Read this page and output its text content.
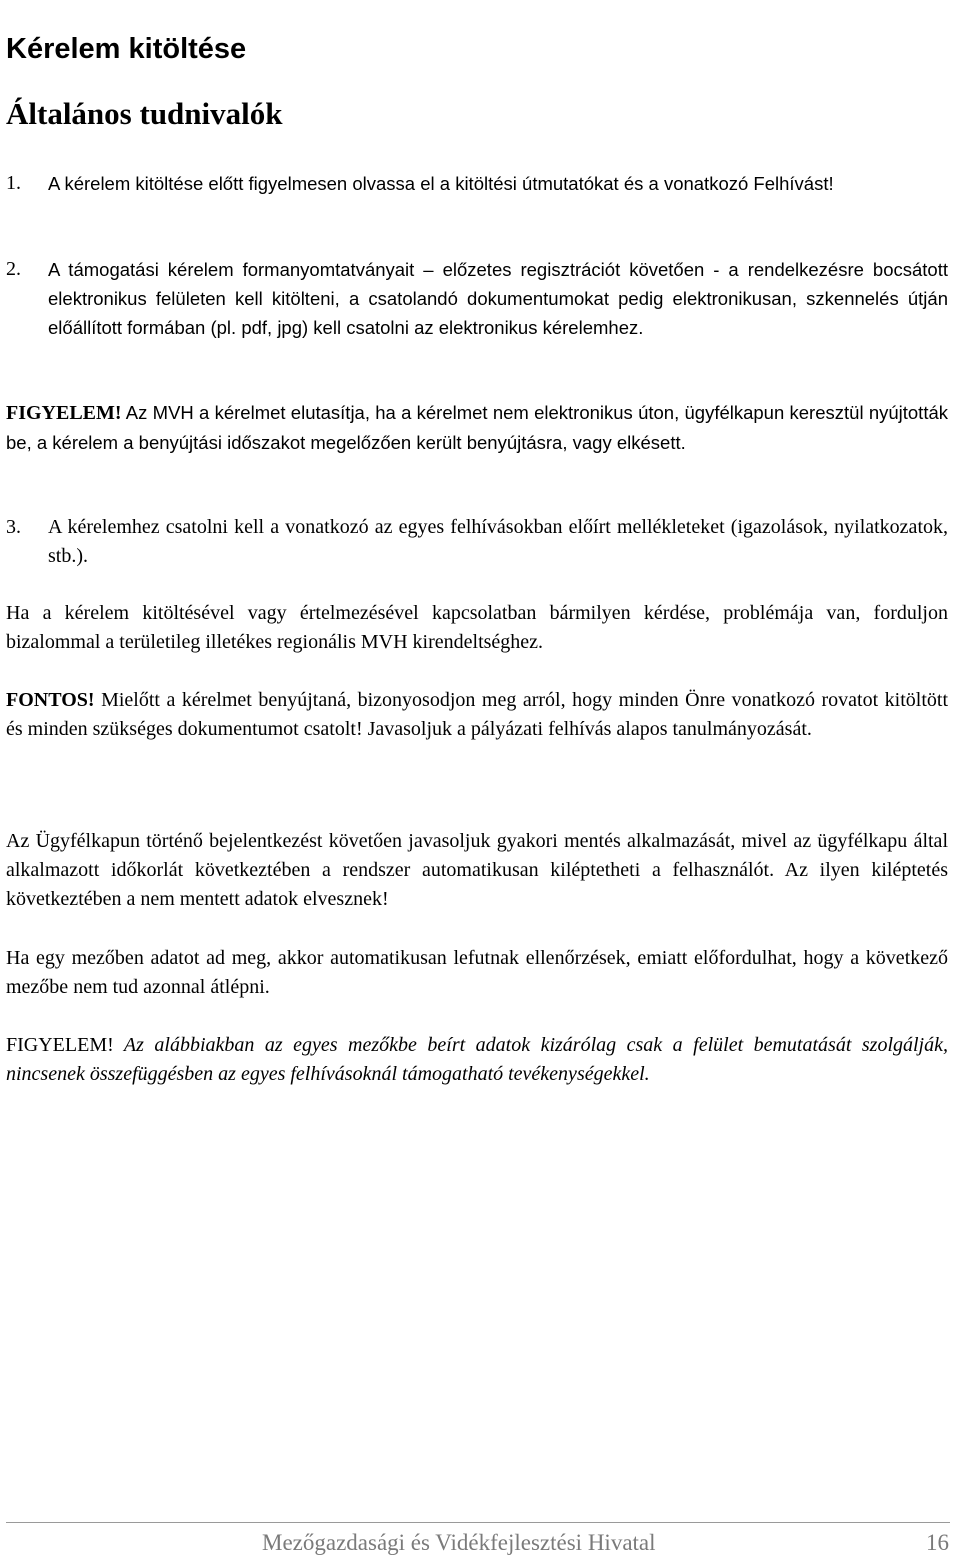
Kérelem kitöltése
Általános tudnivalók
1.	A kérelem kitöltése előtt figyelmesen olvassa el a kitöltési útmutatókat és a vonatkozó Felhívást!
2.	A támogatási kérelem formanyomtatványait – előzetes regisztrációt követően - a rendelkezésre bocsátott elektronikus felületen kell kitölteni, a csatolandó dokumentumokat pedig elektronikusan, szkennelés útján előállított formában (pl. pdf, jpg) kell csatolni az elektronikus kérelemhez.

FIGYELEM! Az MVH a kérelmet elutasítja, ha a kérelmet nem elektronikus úton, ügyfélkapun keresztül nyújtották be, a kérelem a benyújtási időszakot megelőzően került benyújtásra, vagy elkésett.

3.	A kérelemhez csatolni kell a vonatkozó az egyes felhívásokban előírt mellékleteket (igazolások, nyilatkozatok, stb.).

Ha a kérelem kitöltésével vagy értelmezésével kapcsolatban bármilyen kérdése, problémája van, forduljon bizalommal a területileg illetékes regionális MVH kirendeltséghez.

FONTOS! Mielőtt a kérelmet benyújtaná, bizonyosodjon meg arról, hogy minden Önre vonatkozó rovatot kitöltött és minden szükséges dokumentumot csatolt! Javasoljuk a pályázati felhívás alapos tanulmányozását.

Az Ügyfélkapun történő bejelentkezést követően javasoljuk gyakori mentés alkalmazását, mivel az ügyfélkapu által alkalmazott időkorlát következtében a rendszer automatikusan kiléptetheti a felhasználót. Az ilyen kiléptetés következtében a nem mentett adatok elvesznek!

Ha egy mezőben adatot ad meg, akkor automatikusan lefutnak ellenőrzések, emiatt előfordulhat, hogy a következő mezőbe nem tud azonnal átlépni.

FIGYELEM! Az alábbiakban az egyes mezőkbe beírt adatok kizárólag csak a felület bemutatását szolgálják, nincsenek összefüggésben az egyes felhívásoknál támogatható tevékenységekkel.

Mezőgazdasági és Vidékfejlesztési Hivatal	16
